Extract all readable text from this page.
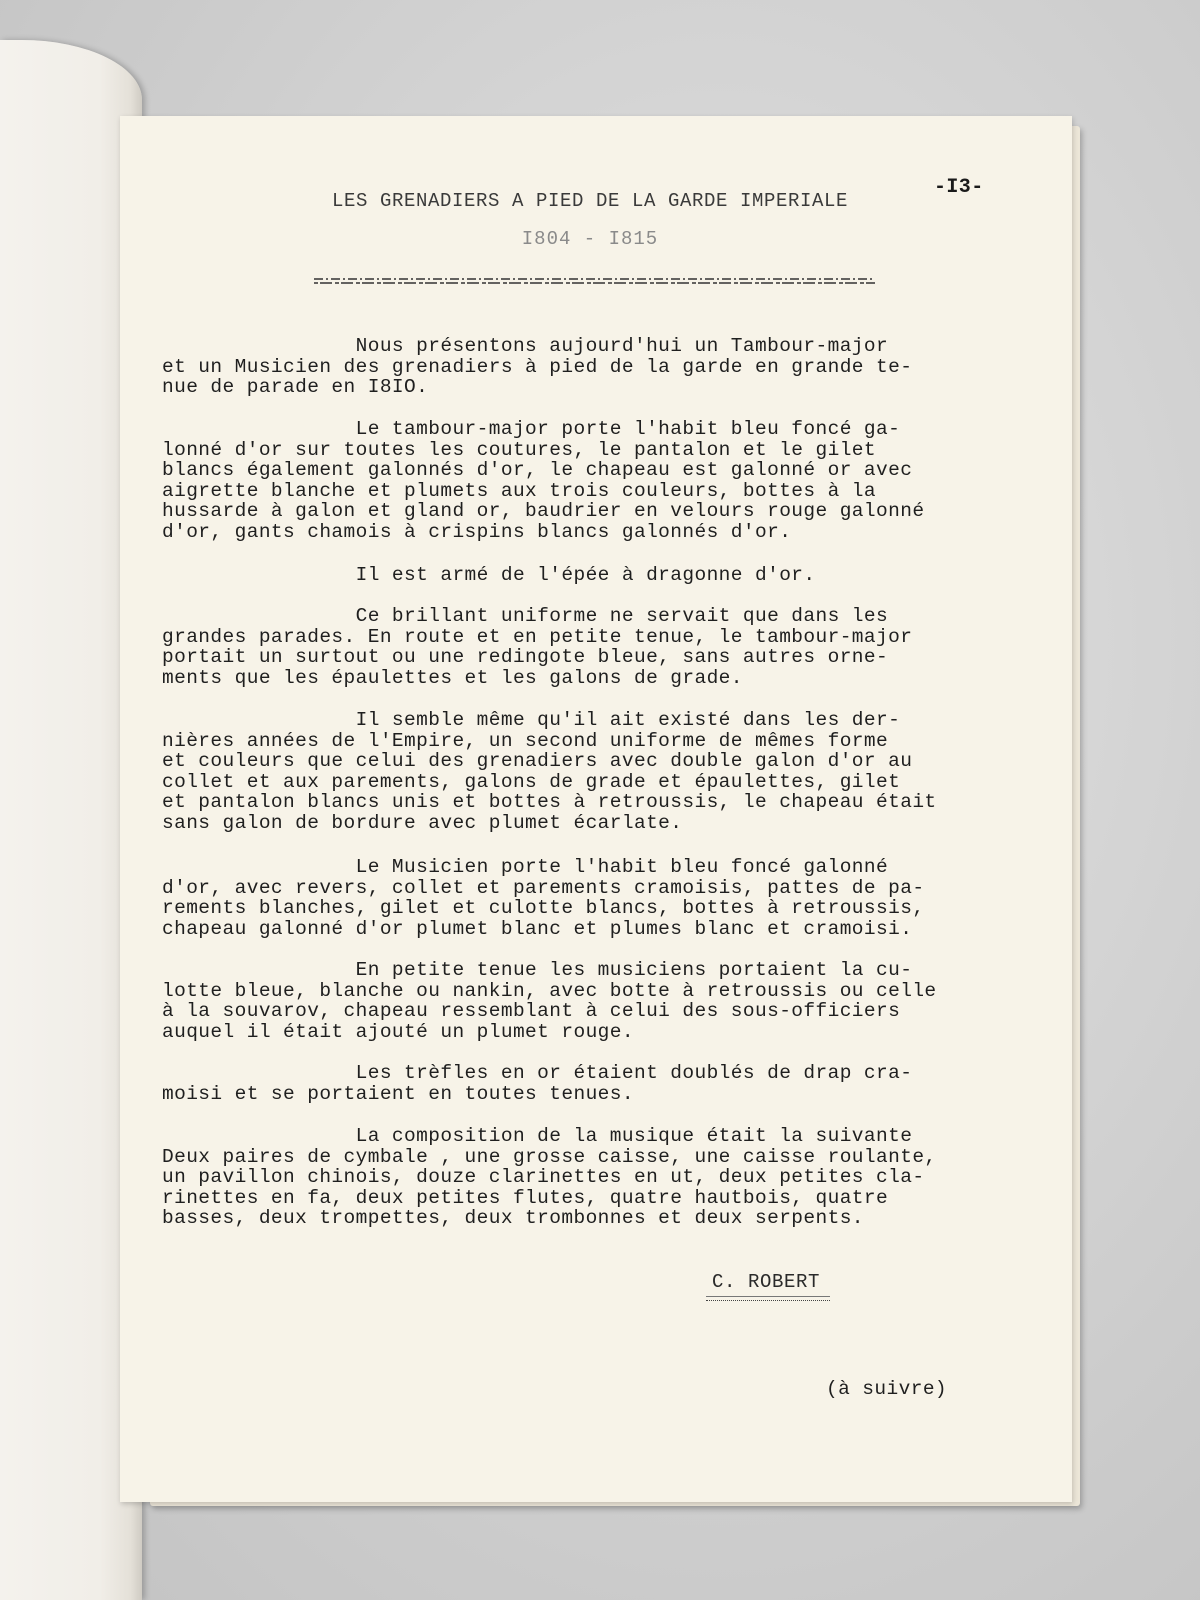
-I3-
LES GRENADIERS A PIED DE LA GARDE IMPERIALE
I804 - I815

Nous présentons aujourd'hui un Tambour-major
et un Musicien des grenadiers à pied de la garde en grande te-
nue de parade en I8IO.

Le tambour-major porte l'habit bleu foncé ga-
lonné d'or sur toutes les coutures, le pantalon et le gilet
blancs également galonnés d'or, le chapeau est galonné or avec
aigrette blanche et plumets aux trois couleurs, bottes à la
hussarde à galon et gland or, baudrier en velours rouge galonné
d'or, gants chamois à crispins blancs galonnés d'or.

Il est armé de l'épée à dragonne d'or.

Ce brillant uniforme ne servait que dans les
grandes parades. En route et en petite tenue, le tambour-major
portait un surtout ou une redingote bleue, sans autres orne-
ments que les épaulettes et les galons de grade.

Il semble même qu'il ait existé dans les der-
nières années de l'Empire, un second uniforme de mêmes forme
et couleurs que celui des grenadiers avec double galon d'or au
collet et aux parements, galons de grade et épaulettes, gilet
et pantalon blancs unis et bottes à retroussis, le chapeau était
sans galon de bordure avec plumet écarlate.

Le Musicien porte l'habit bleu foncé galonné
d'or, avec revers, collet et parements cramoisis, pattes de pa-
rements blanches, gilet et culotte blancs, bottes à retroussis,
chapeau galonné d'or plumet blanc et plumes blanc et cramoisi.

En petite tenue les musiciens portaient la cu-
lotte bleue, blanche ou nankin, avec botte à retroussis ou celle
à la souvarov, chapeau ressemblant à celui des sous-officiers
auquel il était ajouté un plumet rouge.

Les trèfles en or étaient doublés de drap cra-
moisi et se portaient en toutes tenues.

La composition de la musique était la suivante
Deux paires de cymbale , une grosse caisse, une caisse roulante,
un pavillon chinois, douze clarinettes en ut, deux petites cla-
rinettes en fa, deux petites flutes, quatre hautbois, quatre
basses, deux trompettes, deux trombonnes et deux serpents.

C. ROBERT
(à suivre)
